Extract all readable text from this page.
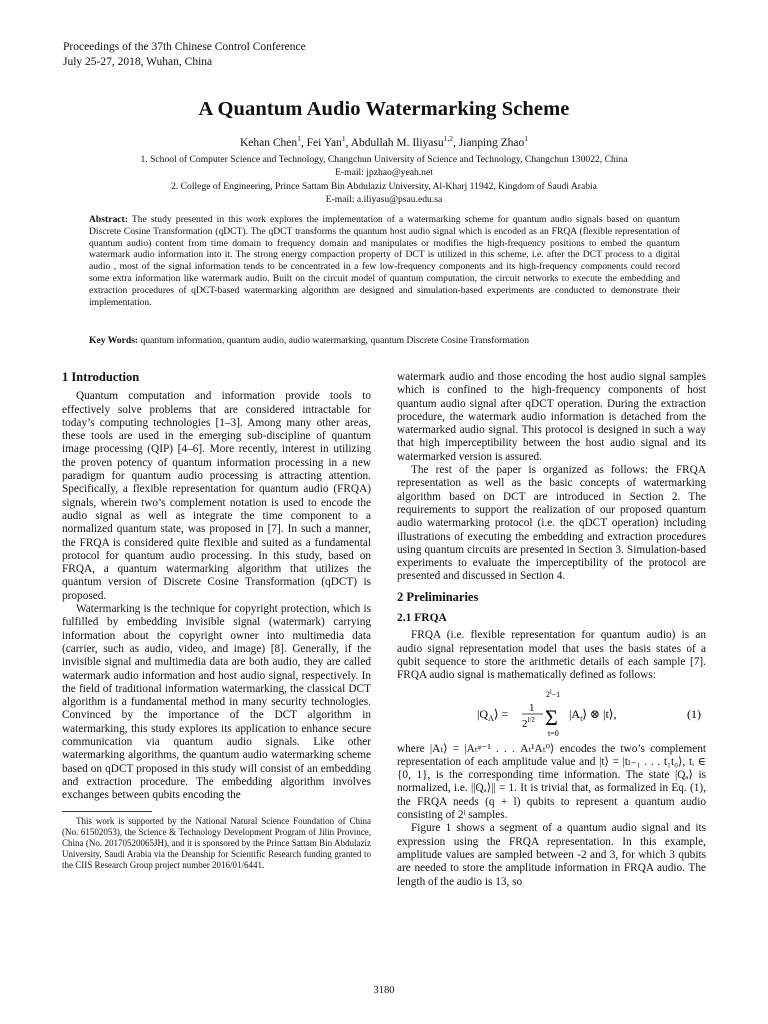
Proceedings of the 37th Chinese Control Conference
July 25-27, 2018, Wuhan, China
A Quantum Audio Watermarking Scheme
Kehan Chen$^1$, Fei Yan$^1$, Abdullah M. Iliyasu$^{1,2}$, Jianping Zhao$^1$
1. School of Computer Science and Technology, Changchun University of Science and Technology, Changchun 130022, China
E-mail: jpzhao@yeah.net
2. College of Engineering, Prince Sattam Bin Abdulaziz University, Al-Kharj 11942, Kingdom of Saudi Arabia
E-mail: a.iliyasu@psau.edu.sa
Abstract: The study presented in this work explores the implementation of a watermarking scheme for quantum audio signals based on quantum Discrete Cosine Transformation (qDCT). The qDCT transforms the quantum host audio signal which is encoded as an FRQA (flexible representation of quantum audio) content from time domain to frequency domain and manipulates or modifies the high-frequency positions to embed the quantum watermark audio information into it. The strong energy compaction property of DCT is utilized in this scheme, i.e. after the DCT process to a digital audio , most of the signal information tends to be concentrated in a few low-frequency components and its high-frequency components could record some extra information like watermark audio. Built on the circuit model of quantum computation, the circuit networks to execute the embedding and extraction procedures of qDCT-based watermarking algorithm are designed and simulation-based experiments are conducted to demonstrate their implementation.
Key Words: quantum information, quantum audio, audio watermarking, quantum Discrete Cosine Transformation
1 Introduction

Quantum computation and information provide tools to effectively solve problems that are considered intractable for today’s computing technologies [1–3]. Among many other areas, these tools are used in the emerging sub-discipline of quantum image processing (QIP) [4–6]. More recently, interest in utilizing the proven potency of quantum information processing in a new paradigm for quantum audio processing is attracting attention. Specifically, a flexible representation for quantum audio (FRQA) signals, wherein two’s complement notation is used to encode the audio signal as well as integrate the time component to a normalized quantum state, was proposed in [7]. In such a manner, the FRQA is considered quite flexible and suited as a fundamental protocol for quantum audio processing. In this study, based on FRQA, a quantum watermarking algorithm that utilizes the quantum version of Discrete Cosine Transformation (qDCT) is proposed.

Watermarking is the technique for copyright protection, which is fulfilled by embedding invisible signal (watermark) carrying information about the copyright owner into multimedia data (carrier, such as audio, video, and image) [8]. Generally, if the invisible signal and multimedia data are both audio, they are called watermark audio information and host audio signal, respectively. In the field of traditional information watermarking, the classical DCT algorithm is a fundamental method in many security technologies. Convinced by the importance of the DCT algorithm in watermarking, this study explores its application to enhance secure communication via quantum audio signals. Like other watermarking algorithms, the quantum audio watermarking scheme based on qDCT proposed in this study will consist of an embedding and extraction procedure. The embedding algorithm involves exchanges between qubits encoding the

This work is supported by the National Natural Science Foundation of China (No. 61502053), the Science & Technology Development Program of Jilin Province, China (No. 20170520065JH), and it is sponsored by the Prince Sattam Bin Abdulaziz University, Saudi Arabia via the Deanship for Scientific Research funding granted to the CIIS Research Group project number 2016/01/6441.

watermark audio and those encoding the host audio signal samples which is confined to the high-frequency components of host quantum audio signal after qDCT operation. During the extraction procedure, the watermark audio information is detached from the watermarked audio signal. This protocol is designed in such a way that high imperceptibility between the host audio signal and its watermarked version is assured.

The rest of the paper is organized as follows: the FRQA representation as well as the basic concepts of watermarking algorithm based on DCT are introduced in Section 2. The requirements to support the realization of our proposed quantum audio watermarking protocol (i.e. the qDCT operation) including illustrations of executing the embedding and extraction procedures using quantum circuits are presented in Section 3. Simulation-based experiments to evaluate the imperceptibility of the protocol are presented and discussed in Section 4.

2 Preliminaries
2.1 FRQA

FRQA (i.e. flexible representation for quantum audio) is an audio signal representation model that uses the basis states of a qubit sequence to store the arithmetic details of each sample [7]. FRQA audio signal is mathematically defined as follows:

$|Q_A⟩ = 1$
$2^{l/2}$
$2^l-1$
Σ
t=0
$|A_t⟩$ ⊗ |t⟩,	(1)

where |Aₜ⟩ = |Aₜᵠ⁻¹ . . . Aₜ¹Aₜ⁰⟩ encodes the two’s complement representation of each amplitude value and |t⟩ = |tₗ₋₁ . . . t₁t₀⟩, tᵢ ∈ {0, 1}, is the corresponding time information. The state |Qₐ⟩ is normalized, i.e. ||Qₐ⟩|| = 1. It is trivial that, as formalized in Eq. (1), the FRQA needs (q + l) qubits to represent a quantum audio consisting of 2ˡ samples.

Figure 1 shows a segment of a quantum audio signal and its expression using the FRQA representation. In this example, amplitude values are sampled between -2 and 3, for which 3 qubits are needed to store the amplitude information in FRQA audio. The length of the audio is 13, so

3180
